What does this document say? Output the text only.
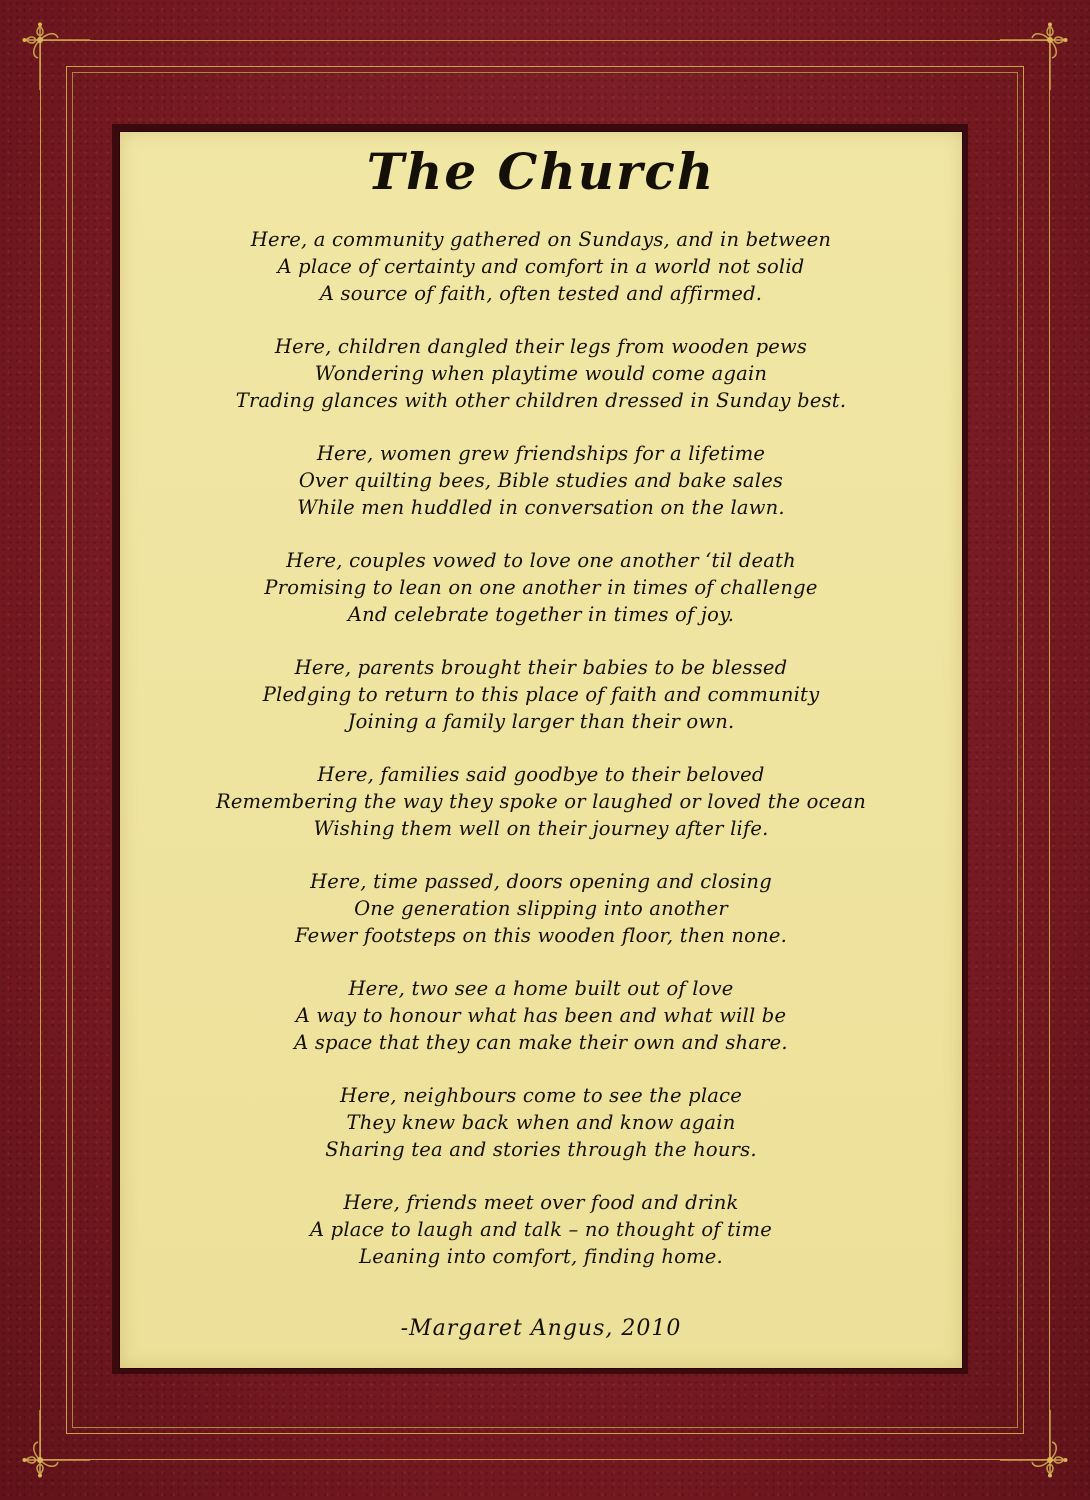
The Church
Here, a community gathered on Sundays, and in between
A place of certainty and comfort in a world not solid
A source of faith, often tested and affirmed.
Here, children dangled their legs from wooden pews
Wondering when playtime would come again
Trading glances with other children dressed in Sunday best.
Here, women grew friendships for a lifetime
Over quilting bees, Bible studies and bake sales
While men huddled in conversation on the lawn.
Here, couples vowed to love one another ‘til death
Promising to lean on one another in times of challenge
And celebrate together in times of joy.
Here, parents brought their babies to be blessed
Pledging to return to this place of faith and community
Joining a family larger than their own.
Here, families said goodbye to their beloved
Remembering the way they spoke or laughed or loved the ocean
Wishing them well on their journey after life.
Here, time passed, doors opening and closing
One generation slipping into another
Fewer footsteps on this wooden floor, then none.
Here, two see a home built out of love
A way to honour what has been and what will be
A space that they can make their own and share.
Here, neighbours come to see the place
They knew back when and know again
Sharing tea and stories through the hours.
Here, friends meet over food and drink
A place to laugh and talk – no thought of time
Leaning into comfort, finding home.
-Margaret Angus, 2010
